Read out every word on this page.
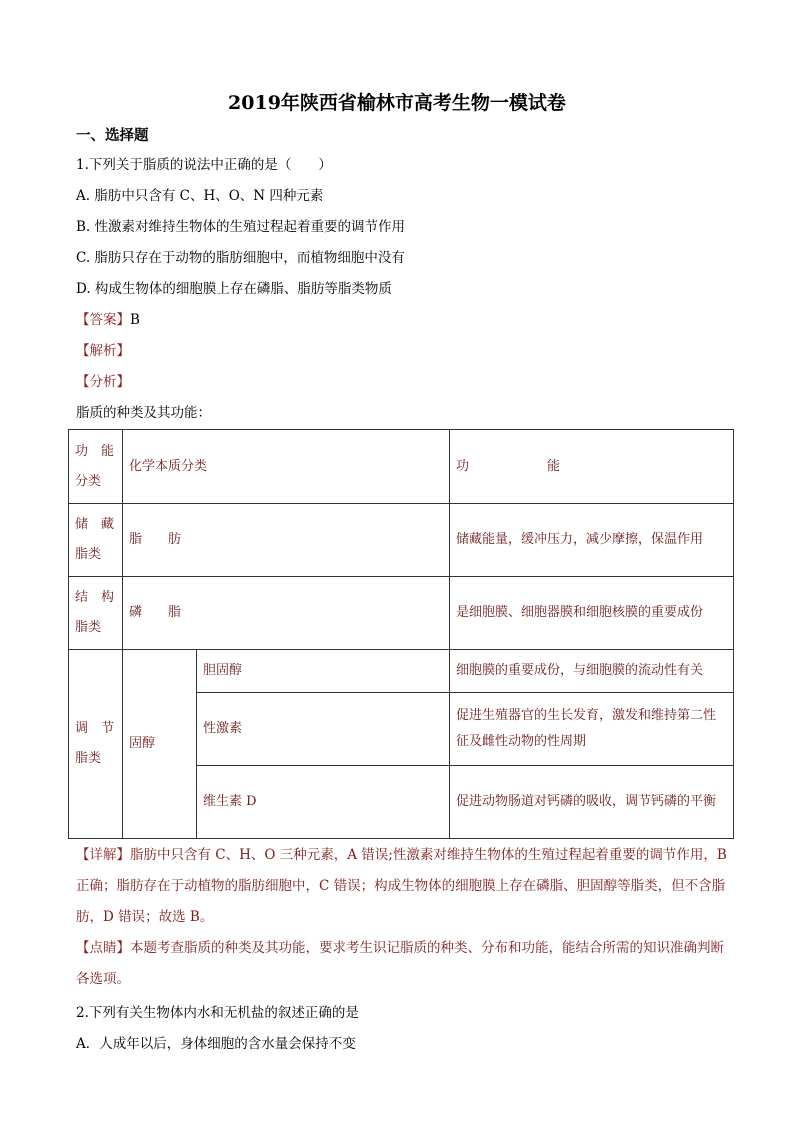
2019年陕西省榆林市高考生物一模试卷
一、选择题
1.下列关于脂质的说法中正确的是（　　）
A. 脂肪中只含有 C、H、O、N 四种元素
B. 性激素对维持生物体的生殖过程起着重要的调节作用
C. 脂肪只存在于动物的脂肪细胞中，而植物细胞中没有
D. 构成生物体的细胞膜上存在磷脂、脂肪等脂类物质
【答案】B
【解析】
【分析】
脂质的种类及其功能：
功　能
分类	化学本质分类		功　　　　　　能
储　藏
脂类	脂　　肪		储藏能量，缓冲压力，减少摩擦，保温作用
结　构
脂类	磷　　脂		是细胞膜、细胞器膜和细胞核膜的重要成份
调　节
脂类	固醇	胆固醇	细胞膜的重要成份，与细胞膜的流动性有关
		性激素	促进生殖器官的生长发育，激发和维持第二性征及雌性动物的性周期
		维生素 D	促进动物肠道对钙磷的吸收，调节钙磷的平衡
【详解】脂肪中只含有 C、H、O 三种元素，A 错误;性激素对维持生物体的生殖过程起着重要的调节作用，B 正确；脂肪存在于动植物的脂肪细胞中，C 错误；构成生物体的细胞膜上存在磷脂、胆固醇等脂类，但不含脂肪，D 错误；故选 B。
【点睛】本题考查脂质的种类及其功能，要求考生识记脂质的种类、分布和功能，能结合所需的知识准确判断各选项。
2.下列有关生物体内水和无机盐的叙述正确的是
A．人成年以后，身体细胞的含水量会保持不变
